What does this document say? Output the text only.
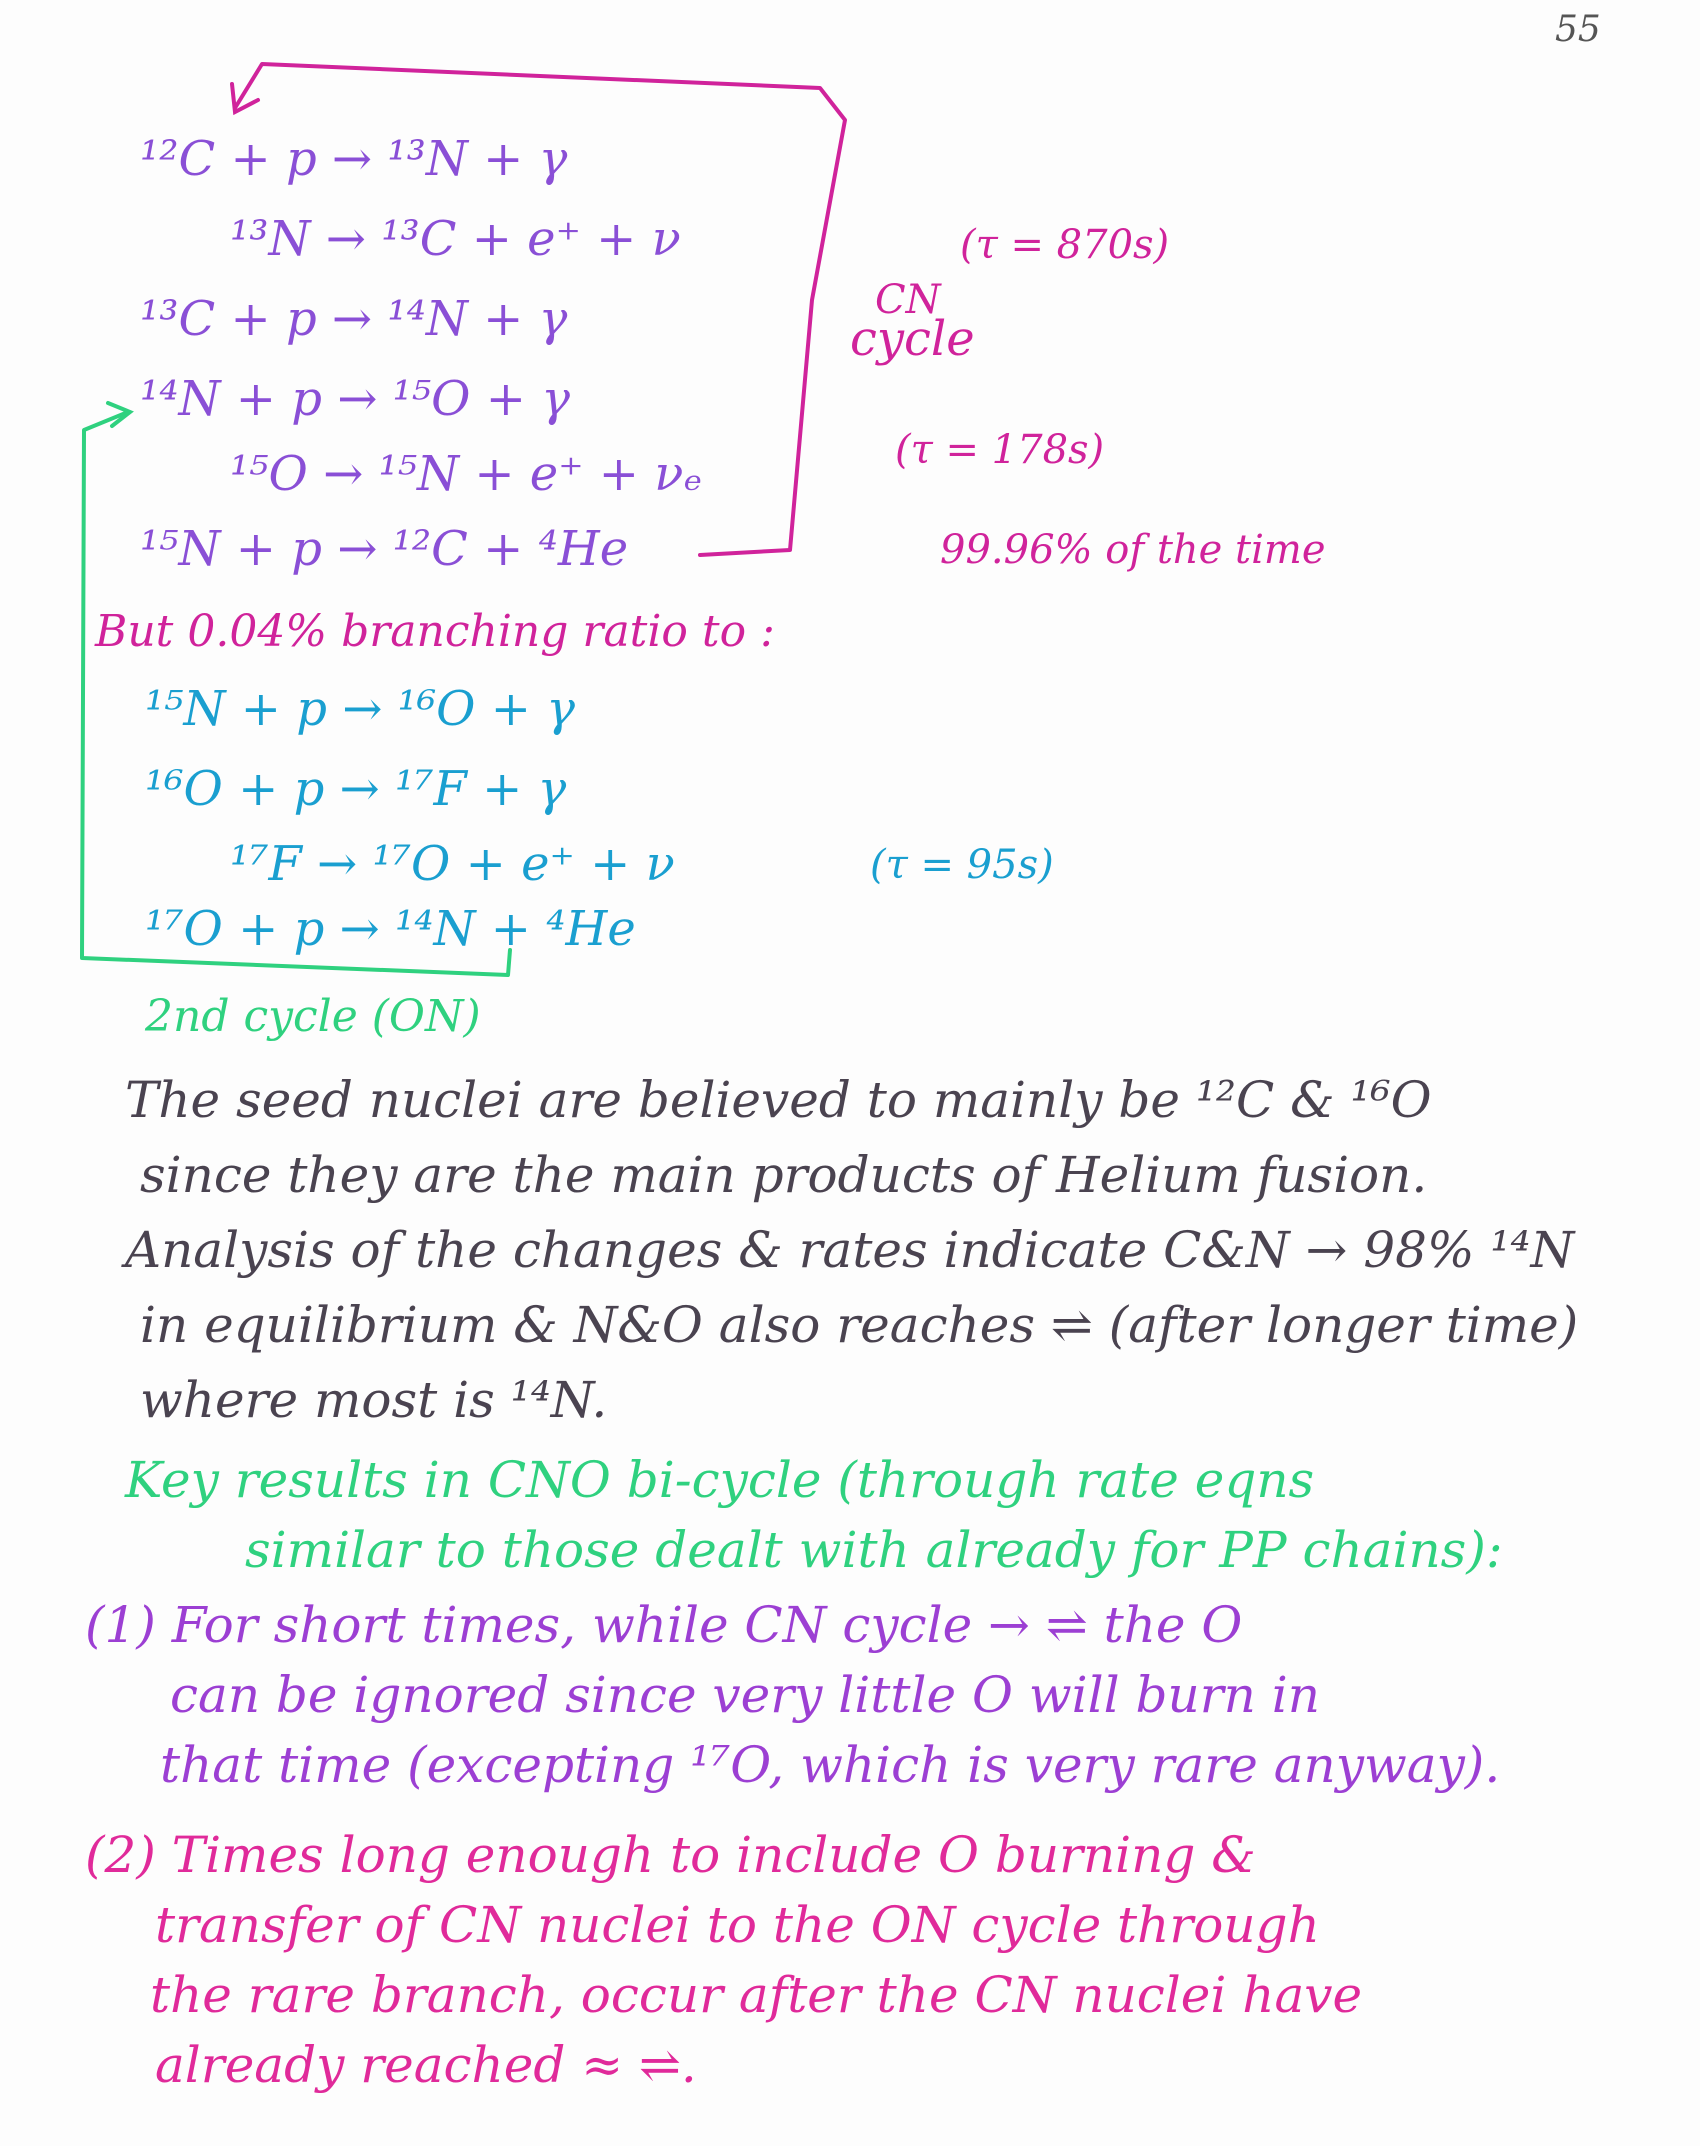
55
¹²C + p → ¹³N + γ
¹³N → ¹³C + e⁺ + ν
¹³C + p → ¹⁴N + γ
¹⁴N + p → ¹⁵O + γ
¹⁵O → ¹⁵N + e⁺ + νₑ
¹⁵N + p → ¹²C + ⁴He
CN
cycle
(τ = 870s)
(τ = 178s)
99.96% of the time
But 0.04% branching ratio to :
¹⁵N + p → ¹⁶O + γ
¹⁶O + p → ¹⁷F + γ
¹⁷F → ¹⁷O + e⁺ + ν
¹⁷O + p → ¹⁴N + ⁴He
(τ = 95s)
2nd cycle (ON)
The seed nuclei are believed to mainly be ¹²C & ¹⁶O
since they are the main products of Helium fusion.
Analysis of the changes & rates indicate C&N → 98% ¹⁴N
in equilibrium & N&O also reaches ⇌ (after longer time)
where most is ¹⁴N.
Key results in CNO bi-cycle (through rate eqns
similar to those dealt with already for PP chains):
(1) For short times, while CN cycle → ⇌ the O
can be ignored since very little O will burn in
that time (excepting ¹⁷O, which is very rare anyway).
(2) Times long enough to include O burning &
transfer of CN nuclei to the ON cycle through
the rare branch, occur after the CN nuclei have
already reached ≈ ⇌.
